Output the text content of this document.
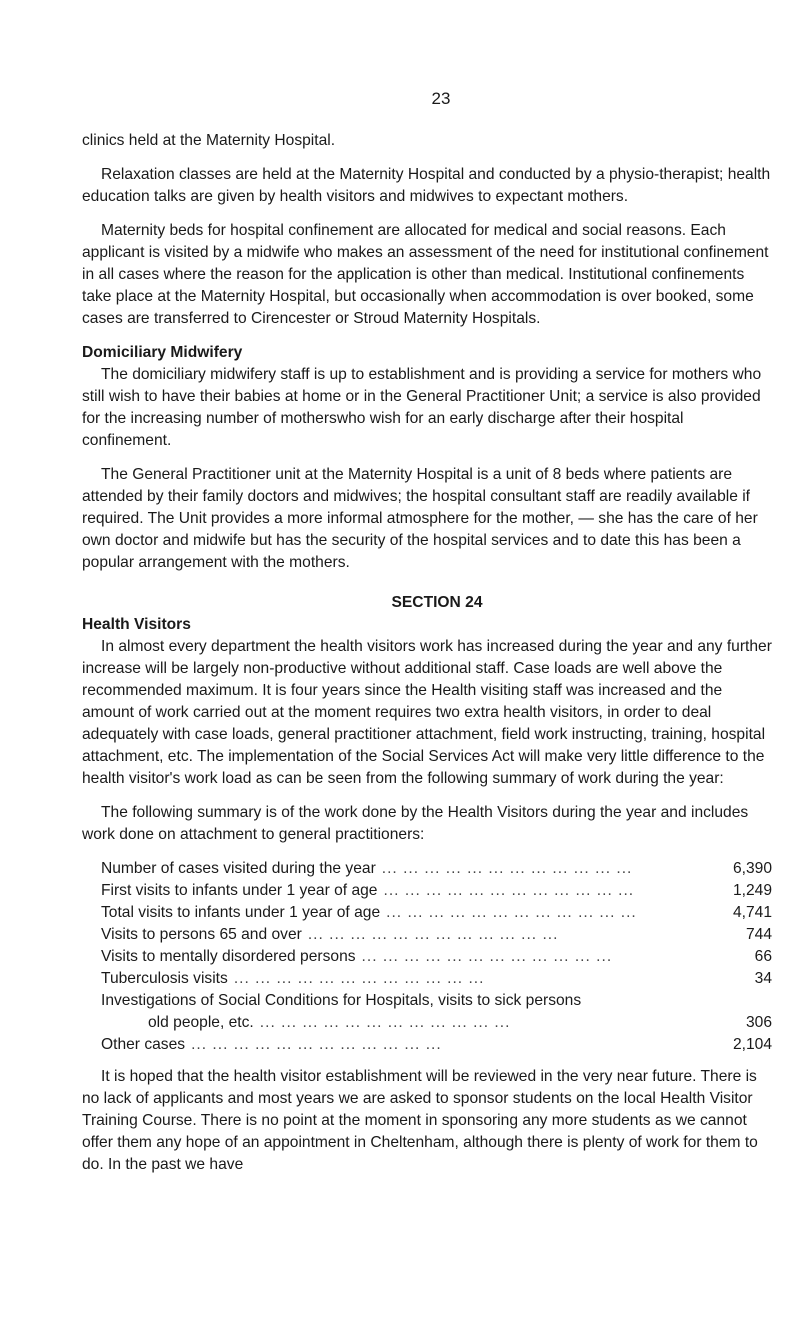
23

clinics held at the Maternity Hospital.

Relaxation classes are held at the Maternity Hospital and conducted by a physio-therapist; health education talks are given by health visitors and midwives to expectant mothers.

Maternity beds for hospital confinement are allocated for medical and social reasons. Each applicant is visited by a midwife who makes an assessment of the need for institutional confinement in all cases where the reason for the application is other than medical. Institutional confinements take place at the Maternity Hospital, but occasionally when accommodation is over booked, some cases are transferred to Cirencester or Stroud Maternity Hospitals.

Domiciliary Midwifery

The domiciliary midwifery staff is up to establishment and is providing a service for mothers who still wish to have their babies at home or in the General Practitioner Unit; a service is also provided for the increasing number of motherswho wish for an early discharge after their hospital confinement.

The General Practitioner unit at the Maternity Hospital is a unit of 8 beds where patients are attended by their family doctors and midwives; the hospital consultant staff are readily available if required. The Unit provides a more informal atmosphere for the mother, — she has the care of her own doctor and midwife but has the security of the hospital services and to date this has been a popular arrangement with the mothers.

SECTION 24
Health Visitors

In almost every department the health visitors work has increased during the year and any further increase will be largely non-productive without additional staff. Case loads are well above the recommended maximum. It is four years since the Health visiting staff was increased and the amount of work carried out at the moment requires two extra health visitors, in order to deal adequately with case loads, general practitioner attachment, field work instructing, training, hospital attachment, etc. The implementation of the Social Services Act will make very little difference to the health visitor's work load as can be seen from the following summary of work during the year:

The following summary is of the work done by the Health Visitors during the year and includes work done on attachment to general practitioners:

Number of cases visited during the year ... ... ... ... ... ... ... ... ... ... ... ...	6,390
First visits to infants under 1 year of age ... ... ... ... ... ... ... ... ... ... ... ...	1,249
Total visits to infants under 1 year of age ... ... ... ... ... ... ... ... ... ... ... ...	4,741
Visits to persons 65 and over ... ... ... ... ... ... ... ... ... ... ... ...	744
Visits to mentally disordered persons ... ... ... ... ... ... ... ... ... ... ... ...	66
Tuberculosis visits ... ... ... ... ... ... ... ... ... ... ... ...	34
Investigations of Social Conditions for Hospitals, visits to sick persons
old people, etc. ... ... ... ... ... ... ... ... ... ... ... ...	306
Other cases ... ... ... ... ... ... ... ... ... ... ... ...	2,104

It is hoped that the health visitor establishment will be reviewed in the very near future. There is no lack of applicants and most years we are asked to sponsor students on the local Health Visitor Training Course. There is no point at the moment in sponsoring any more students as we cannot offer them any hope of an appointment in Cheltenham, although there is plenty of work for them to do. In the past we have
